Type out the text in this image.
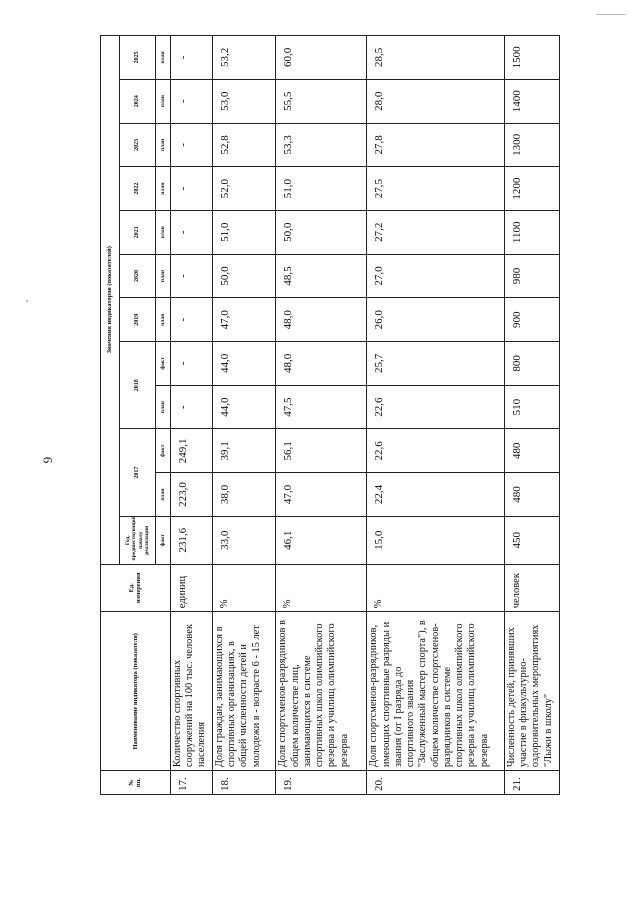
6
№ пп.	Наименование индикатора (показателя)	Ед. измерения	Значения индикаторов (показателей)											
			Год, предшествующий началу реализации	2017		2018		2019	2020	2021	2022	2023	2024	2025
			факт	план	факт	план	факт	план	план	план	план	план	план	план
17.	Количество спортивных сооружений на 100 тыс. человек населения	единиц	231,6	223,0	249,1	-	-	-	-	-	-	-	-	-
18.	Доля граждан, занимающихся в спортивных организациях, в общей численности детей и молодежи в - возрасте 6 - 15 лет	%	33,0	38,0	39,1	44,0	44,0	47,0	50,0	51,0	52,0	52,8	53,0	53,2
19.	Доля спортсменов-разрядников в общем количестве лиц, занимающихся в системе спортивных школ олимпийского резерва и училищ олимпийского резерва	%	46,1	47,0	56,1	47,5	48,0	48,0	48,5	50,0	51,0	53,3	55,5	60,0
20.	Доля спортсменов-разрядников, имеющих спортивные разряды и звания (от I разряда до спортивного звания "Заслуженный мастер спорта"), в общем количестве спортсменов-разрядников в системе спортивных школ олимпийского резерва и училищ олимпийского резерва	%	15,0	22,4	22,6	22,6	25,7	26,0	27,0	27,2	27,5	27,8	28,0	28,5
21.	Численность детей, принявших участие в физкультурно-оздоровительных мероприятиях "Лыжи в школу"	человек	450	480	480	510	800	900	980	1100	1200	1300	1400	1500
